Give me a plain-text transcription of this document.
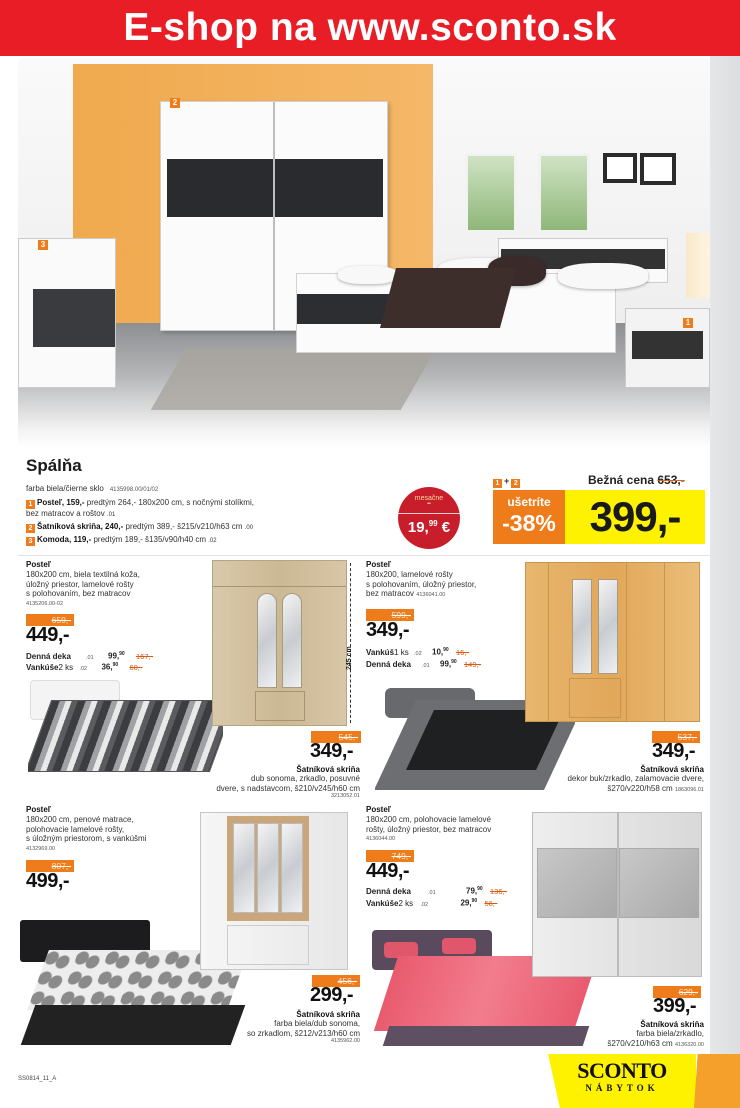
E-shop na www.sconto.sk
2
3
1
Spálňa
farba biela/čierne sklo 4135998.00/01/02
1 Posteľ, 159,- predtým 264,- 180x200 cm, s nočnými stolíkmi,
bez matracov a roštov .01
2 Šatníková skriňa, 240,- predtým 389,- š215/v210/h63 cm .00
3 Komoda, 119,- predtým 189,- š135/v90/h40 cm .02
mesačne
••
19,99 €
1 + 2
ušetríte
-38%
Bežná cena 653,-
399,-
Posteľ
180x200 cm, biela textilná koža,
úložný priestor, lamelové rošty
s polohovaním, bez matracov
4135206.00-02
659,-
449,-
Denná deka	.01	99,90	167,-
Vankúše 2 ks	.02	36,90	60,-	245 cm
545,-
349,-
Šatníková skriňa
dub sonoma, zrkadlo, posuvné
dvere, s nadstavcom, š210/v245/h60 cm
3213052.01
Posteľ
180x200, lamelové rošty
s polohovaním, úložný priestor,
bez matracov 4136041.00
599,-
349,-
Vankúš 1 ks .02	10,90 16,-
Denná deka	.01	99,90 149,-
537,-
349,-
Šatníková skriňa
dekor buk/zrkadlo, zalamovacie dvere,
š270/v220/h58 cm 1863096.01
Posteľ
180x200 cm, penové matrace,
polohovacie lamelové rošty,
s úložným priestorom, s vankúšmi
4132969.00
807,-
499,-
456,-
299,-
Šatníková skriňa
farba biela/dub sonoma,
so zrkadlom, š212/v213/h60 cm
4135962.00
Posteľ
180x200 cm, polohovacie lamelové
rošty, úložný priestor, bez matracov
4136044.00
749,-
449,-
Denná deka	.01	79,90 136,-
Vankúše 2 ks	.02	29,90 56,-
629,-
399,-
Šatníková skriňa
farba biela/zrkadlo,
š270/v210/h63 cm 4136320.00
SS0814_11_A	SCONTO
NÁBYTOK
